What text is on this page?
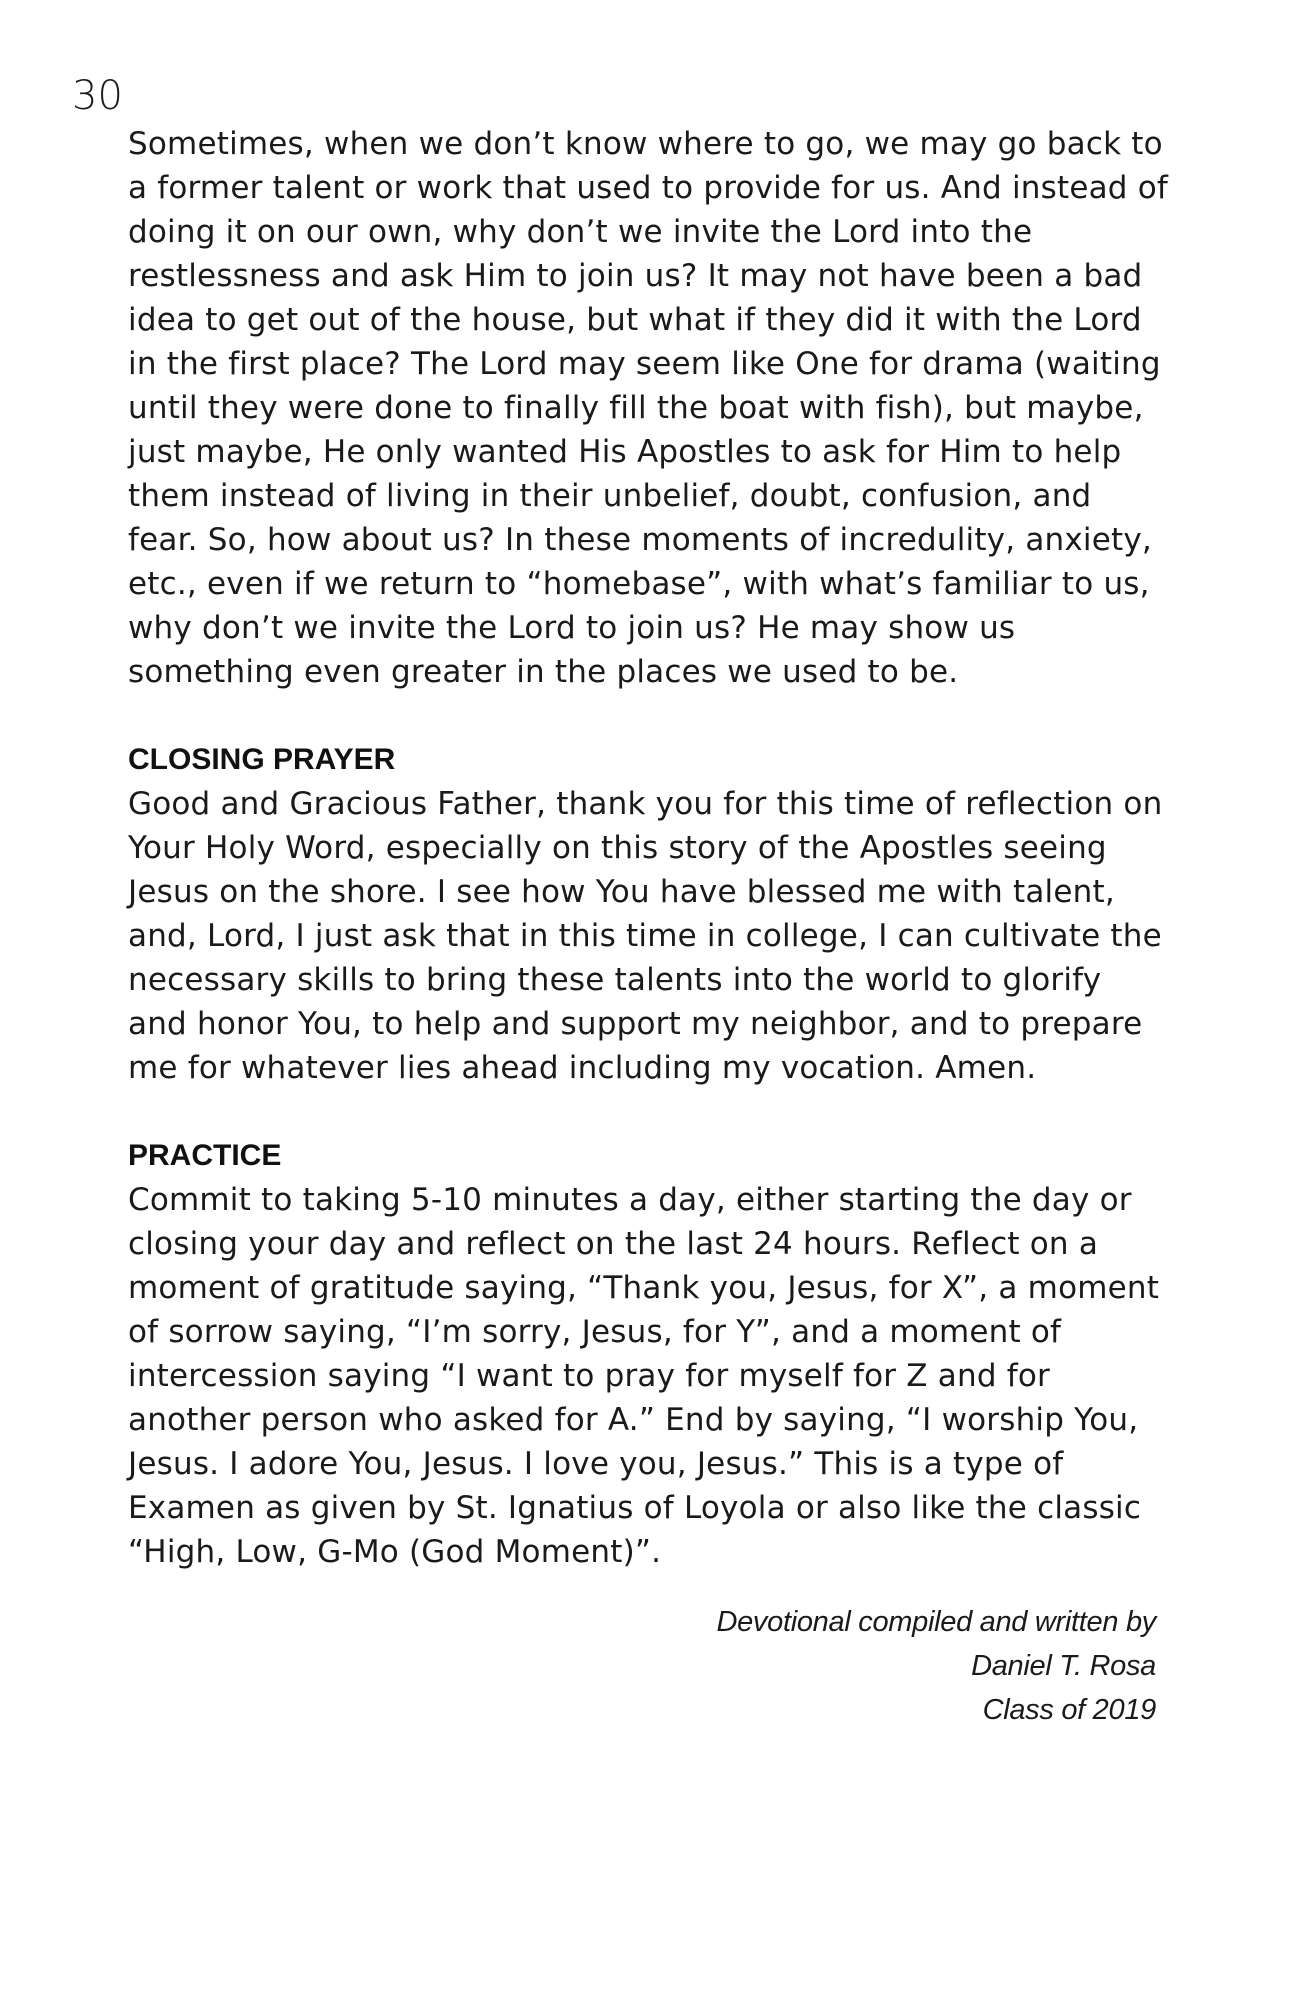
30

Sometimes, when we don’t know where to go, we may go back to a former talent or work that used to provide for us. And instead of doing it on our own, why don’t we invite the Lord into the restlessness and ask Him to join us? It may not have been a bad idea to get out of the house, but what if they did it with the Lord in the first place? The Lord may seem like One for drama (waiting until they were done to finally fill the boat with fish), but maybe, just maybe, He only wanted His Apostles to ask for Him to help them instead of living in their unbelief, doubt, confusion, and fear. So, how about us? In these moments of incredulity, anxiety, etc., even if we return to “homebase”, with what’s familiar to us, why don’t we invite the Lord to join us? He may show us something even greater in the places we used to be.

CLOSING PRAYER

Good and Gracious Father, thank you for this time of reflection on Your Holy Word, especially on this story of the Apostles seeing Jesus on the shore. I see how You have blessed me with talent, and, Lord, I just ask that in this time in college, I can cultivate the necessary skills to bring these talents into the world to glorify and honor You, to help and support my neighbor, and to prepare me for whatever lies ahead including my vocation. Amen.

PRACTICE

Commit to taking 5-10 minutes a day, either starting the day or closing your day and reflect on the last 24 hours. Reflect on a moment of gratitude saying, “Thank you, Jesus, for X”, a moment of sorrow saying, “I’m sorry, Jesus, for Y”, and a moment of intercession saying “I want to pray for myself for Z and for another person who asked for A.” End by saying, “I worship You, Jesus. I adore You, Jesus. I love you, Jesus.” This is a type of Examen as given by St. Ignatius of Loyola or also like the classic “High, Low, G-Mo (God Moment)”.

Devotional compiled and written by
Daniel T. Rosa
Class of 2019
